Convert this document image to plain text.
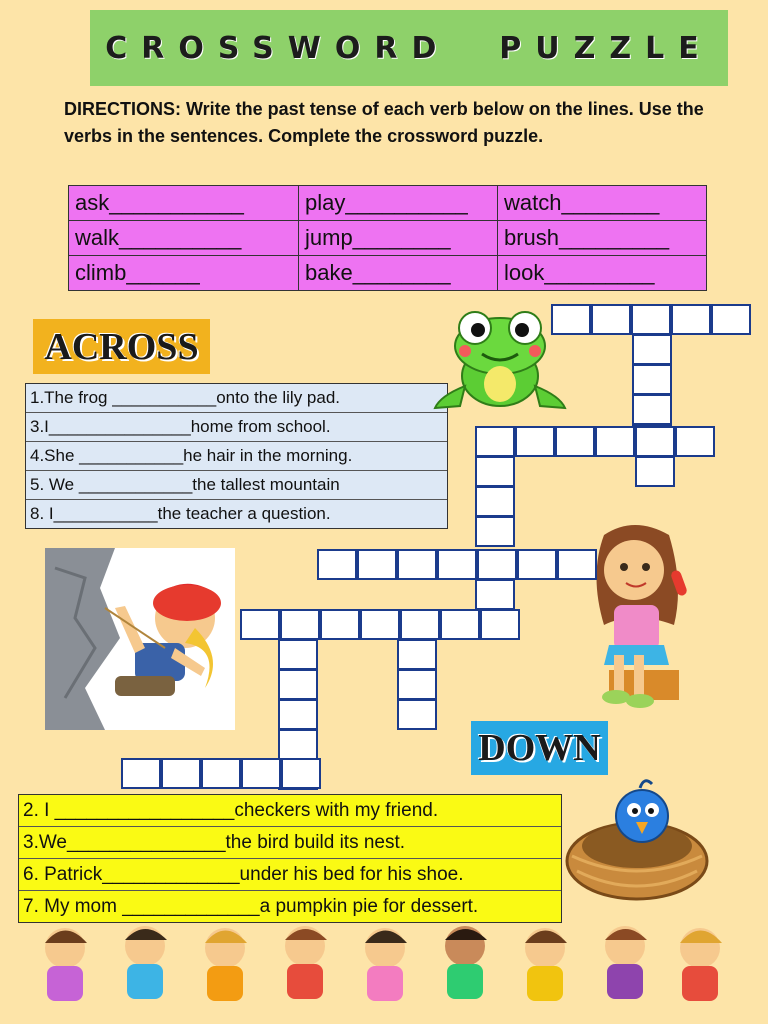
CROSSWORD  PUZZLE
DIRECTIONS: Write the past tense of each verb below on the lines. Use the verbs in the sentences. Complete the crossword puzzle.
ask___________	play__________	watch________
walk__________	jump________	brush_________
climb______	bake________	look_________
ACROSS
1.The frog ___________onto the lily pad.
3.I_______________home from school.
4.She ___________he hair in the morning.
5. We ____________the tallest mountain
8. I___________the teacher a question.
DOWN
2. I _________________checkers with my friend.
3.We_______________the bird build its nest.
6. Patrick_____________under his bed for his shoe.
7. My mom _____________a pumpkin pie for dessert.
